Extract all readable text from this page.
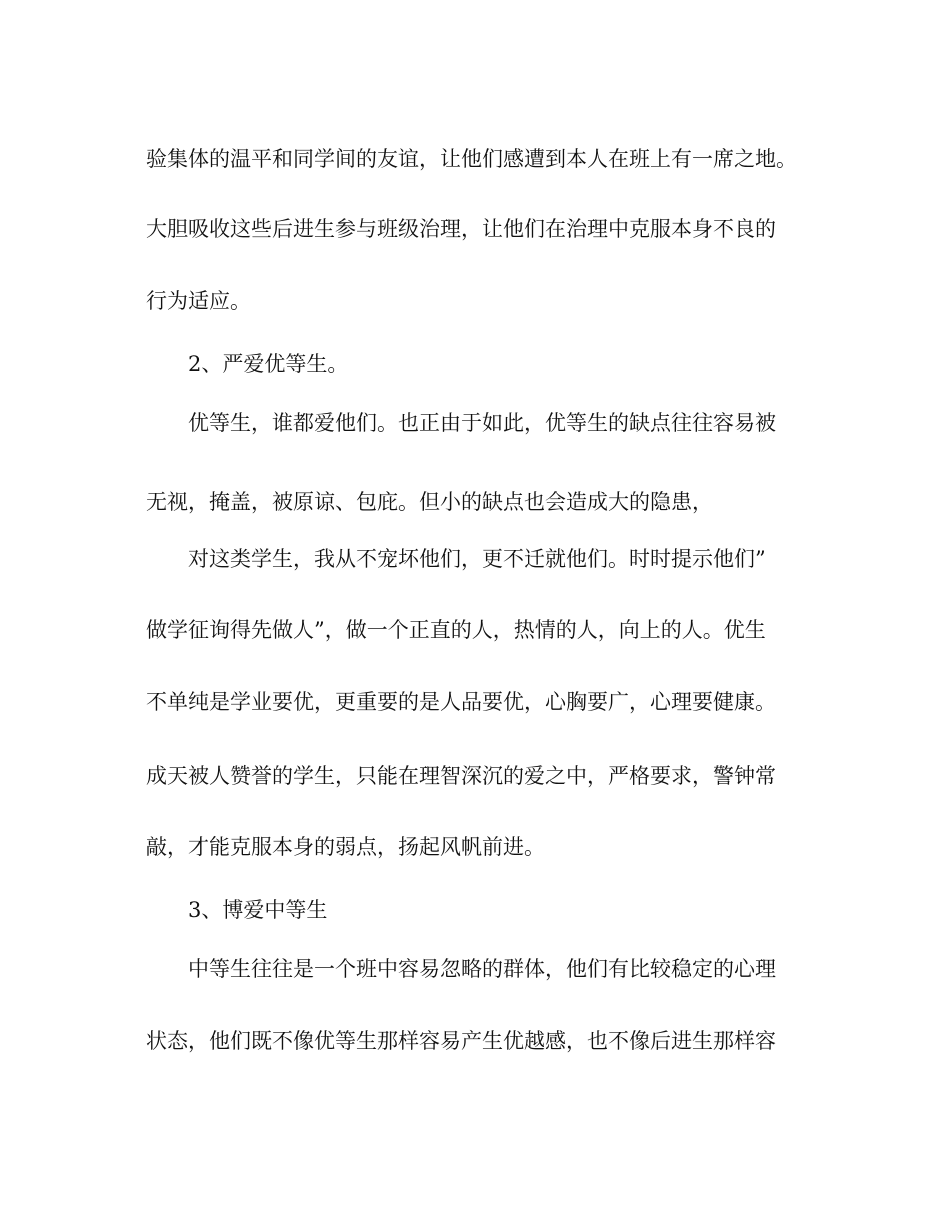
验集体的温平和同学间的友谊，让他们感遭到本人在班上有一席之地。
大胆吸收这些后进生参与班级治理，让他们在治理中克服本身不良的
行为适应。
2、严爱优等生。
优等生，谁都爱他们。也正由于如此，优等生的缺点往往容易被
无视，掩盖，被原谅、包庇。但小的缺点也会造成大的隐患，
对这类学生，我从不宠坏他们，更不迁就他们。时时提示他们”
做学征询得先做人”，做一个正直的人，热情的人，向上的人。优生
不单纯是学业要优，更重要的是人品要优，心胸要广，心理要健康。
成天被人赞誉的学生，只能在理智深沉的爱之中，严格要求，警钟常
敲，才能克服本身的弱点，扬起风帆前进。
3、博爱中等生
中等生往往是一个班中容易忽略的群体，他们有比较稳定的心理
状态，他们既不像优等生那样容易产生优越感，也不像后进生那样容
